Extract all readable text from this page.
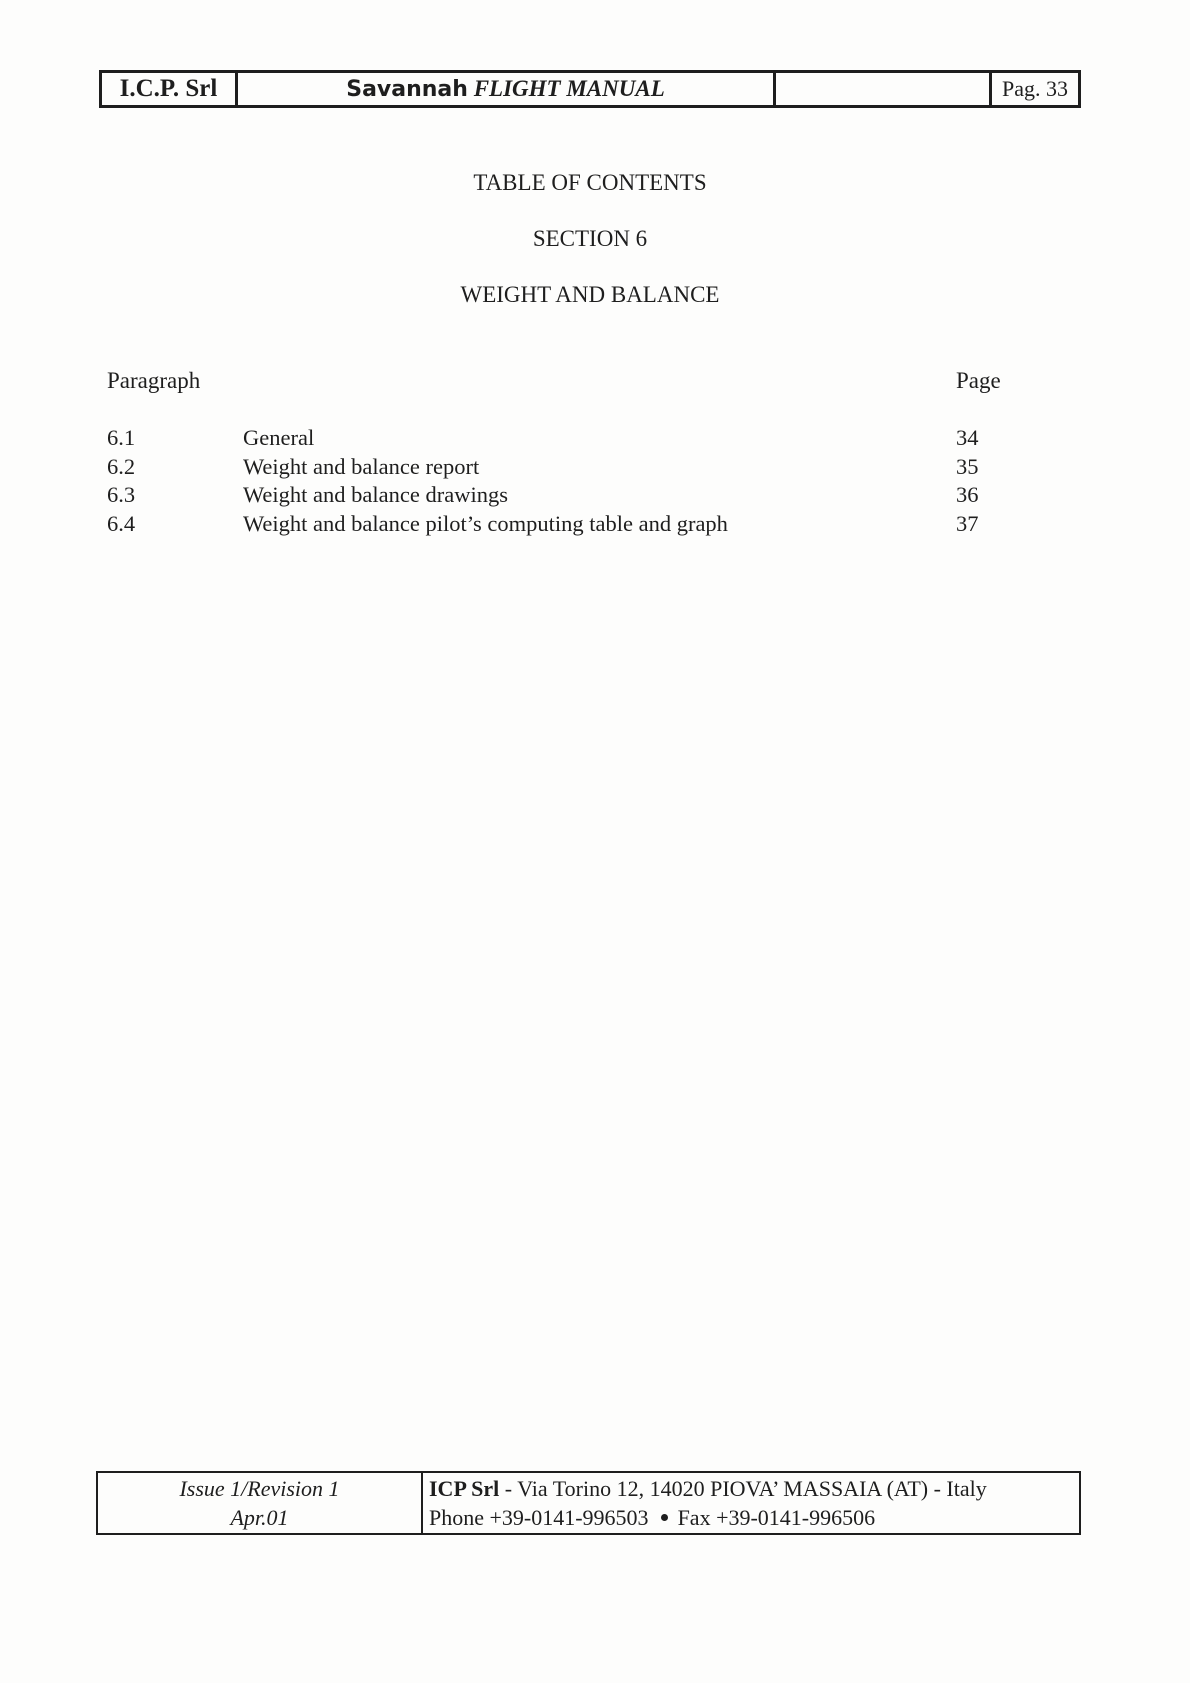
I.C.P. Srl	Savannah FLIGHT MANUAL		Pag. 33
TABLE OF CONTENTS
SECTION 6
WEIGHT AND BALANCE
Paragraph	Page
6.1	General	34
6.2	Weight and balance report	35
6.3	Weight and balance drawings	36
6.4	Weight and balance pilot’s computing table and graph	37
Issue 1/Revision 1
Apr.01

ICP Srl - Via Torino 12, 14020 PIOVA’ MASSAIA (AT) - Italy
Phone +39-0141-996503 Fax +39-0141-996506
